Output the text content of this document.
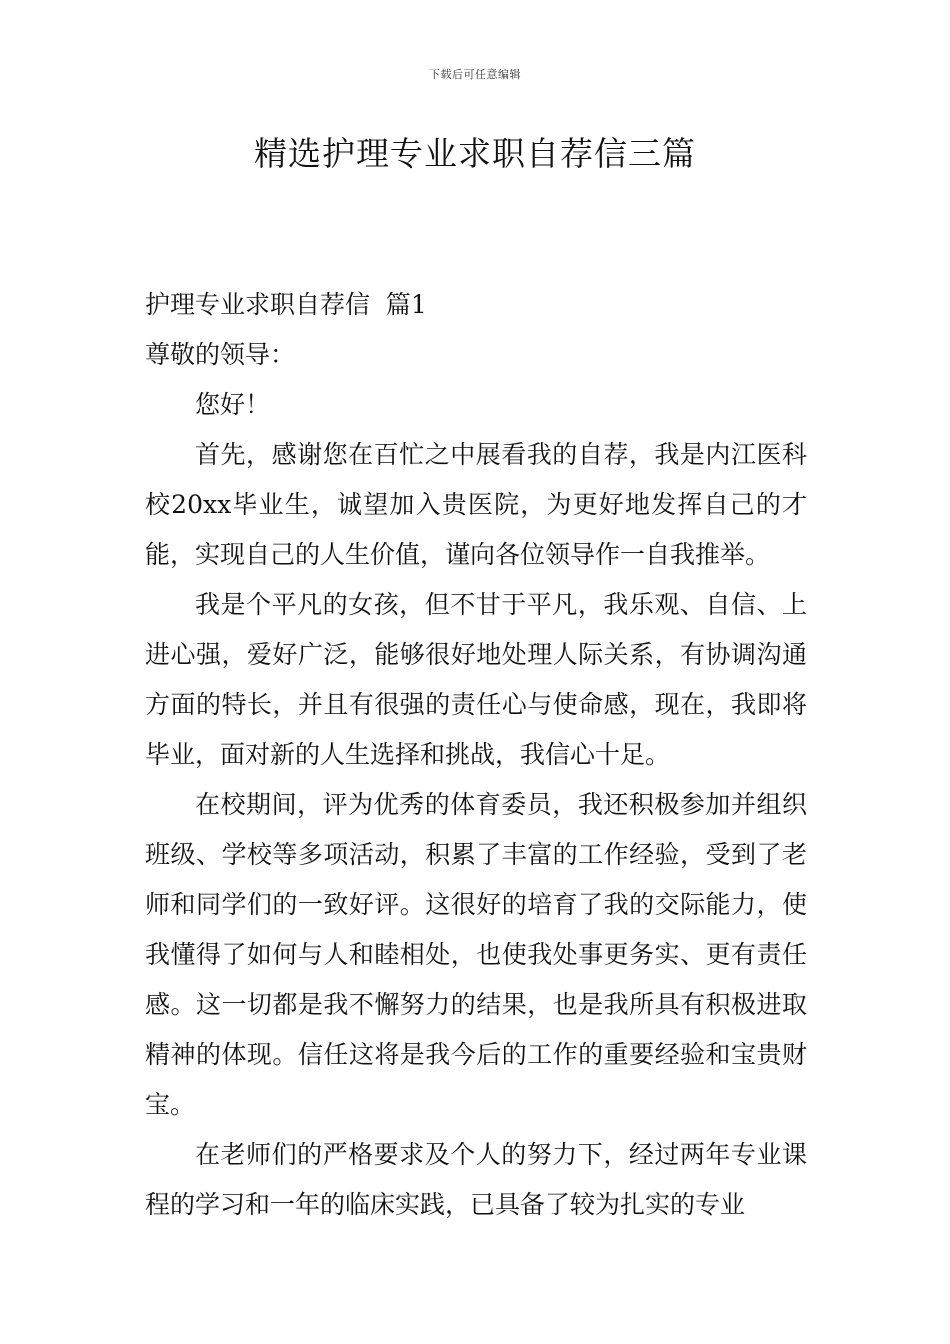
下载后可任意编辑
精选护理专业求职自荐信三篇

护理专业求职自荐信  篇1

尊敬的领导：

您好！

首先，感谢您在百忙之中展看我的自荐，我是内江医科校20xx毕业生，诚望加入贵医院，为更好地发挥自己的才能，实现自己的人生价值，谨向各位领导作一自我推举。

我是个平凡的女孩，但不甘于平凡，我乐观、自信、上进心强，爱好广泛，能够很好地处理人际关系，有协调沟通方面的特长，并且有很强的责任心与使命感，现在，我即将毕业，面对新的人生选择和挑战，我信心十足。

在校期间，评为优秀的体育委员，我还积极参加并组织班级、学校等多项活动，积累了丰富的工作经验，受到了老师和同学们的一致好评。这很好的培育了我的交际能力，使我懂得了如何与人和睦相处，也使我处事更务实、更有责任感。这一切都是我不懈努力的结果，也是我所具有积极进取精神的体现。信任这将是我今后的工作的重要经验和宝贵财宝。

在老师们的严格要求及个人的努力下，经过两年专业课程的学习和一年的临床实践，已具备了较为扎实的专业
